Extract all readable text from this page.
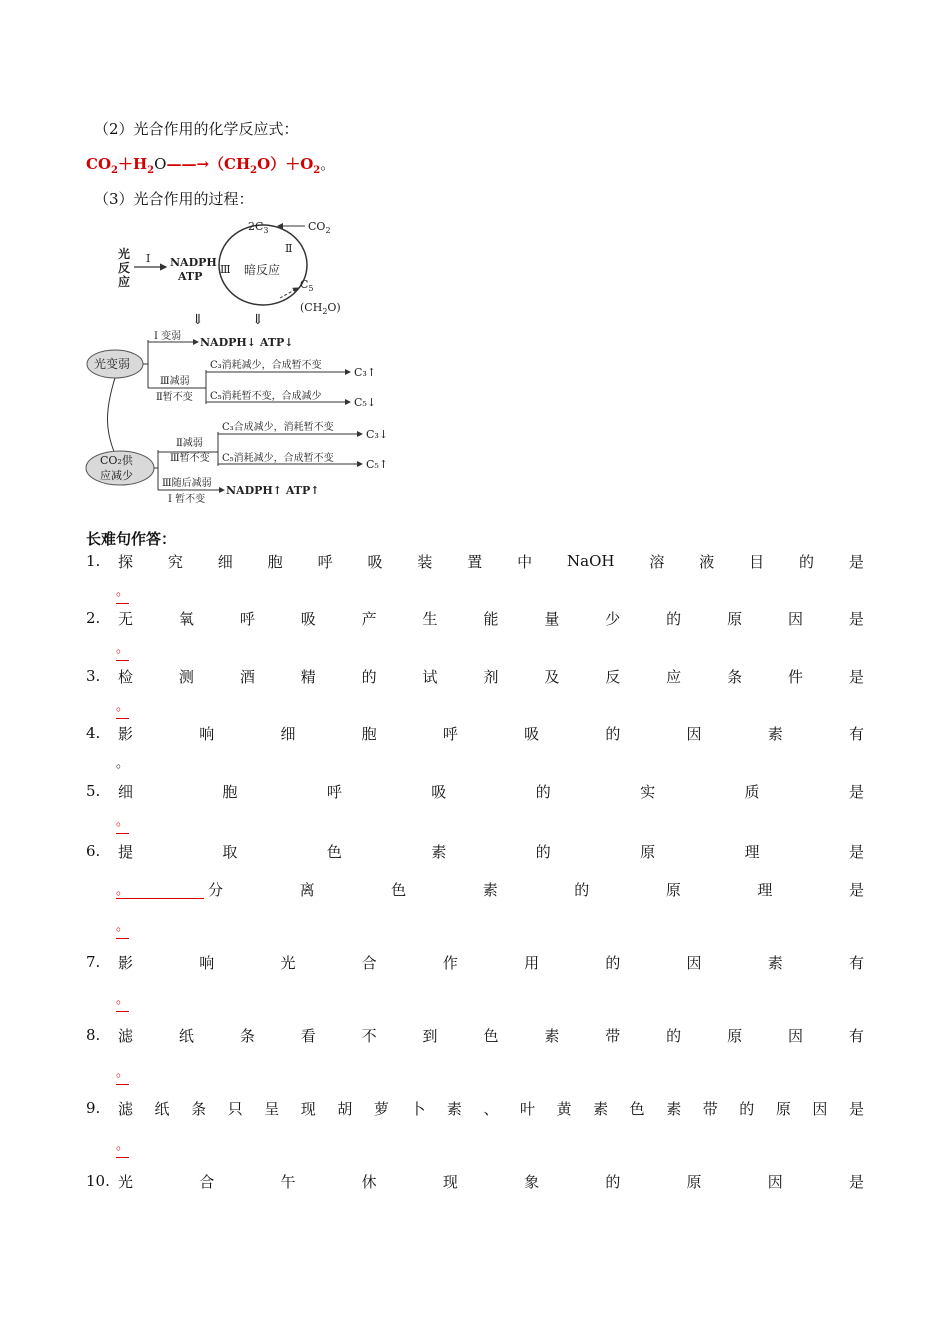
（2）光合作用的化学反应式：
$CO_2+H_2O——\to(CH_2O)+O_2$。
（3）光合作用的过程：
光
反
应
I NADPH
ATP
Ⅲ 暗反应
$2C_3$	$CO_2$
Ⅱ
$C_5$
$(CH_2O)$
⇓	⇓
光变弱
I 变弱 NADPH↓ ATP↓
Ⅲ减弱
Ⅱ暂不变
C₃消耗减少，合成暂不变
C₃↑
C₅消耗暂不变，合成减少	C₅↓
CO₂供
应减少
Ⅱ减弱
Ⅲ暂不变
C₃合成减少，消耗暂不变
C₃↓
C₅消耗减少，合成暂不变	C₅↑
Ⅲ随后减弱
I 暂不变
NADPH↑ ATP↑
长难句作答：
1.	探 究 细 胞 呼 吸 装 置 中 NaOH 溶 液 目 的 是
。
2.	无	氧	呼	吸	产	生	能	量	少	的	原	因	是
。
3.	检	测	酒	精	的	试	剂	及	反	应	条	件	是
。
4.	影	响	细	胞	呼	吸	的	因	素	有
。
5.	细	胞	呼	吸	的	实	质	是
。
6.	提	取	色	素	的	原	理	是
。	分	离	色	素	的	原	理	是
。
7.	影	响	光	合	作	用	的	因	素	有
。
8.	滤	纸	条	看	不	到	色	素	带	的	原	因	有
。
9.	滤 纸 条 只 呈 现 胡 萝 卜 素 、 叶 黄 素 色 素 带 的 原 因 是
。
10. 光	合	午	休	现	象	的	原	因	是
